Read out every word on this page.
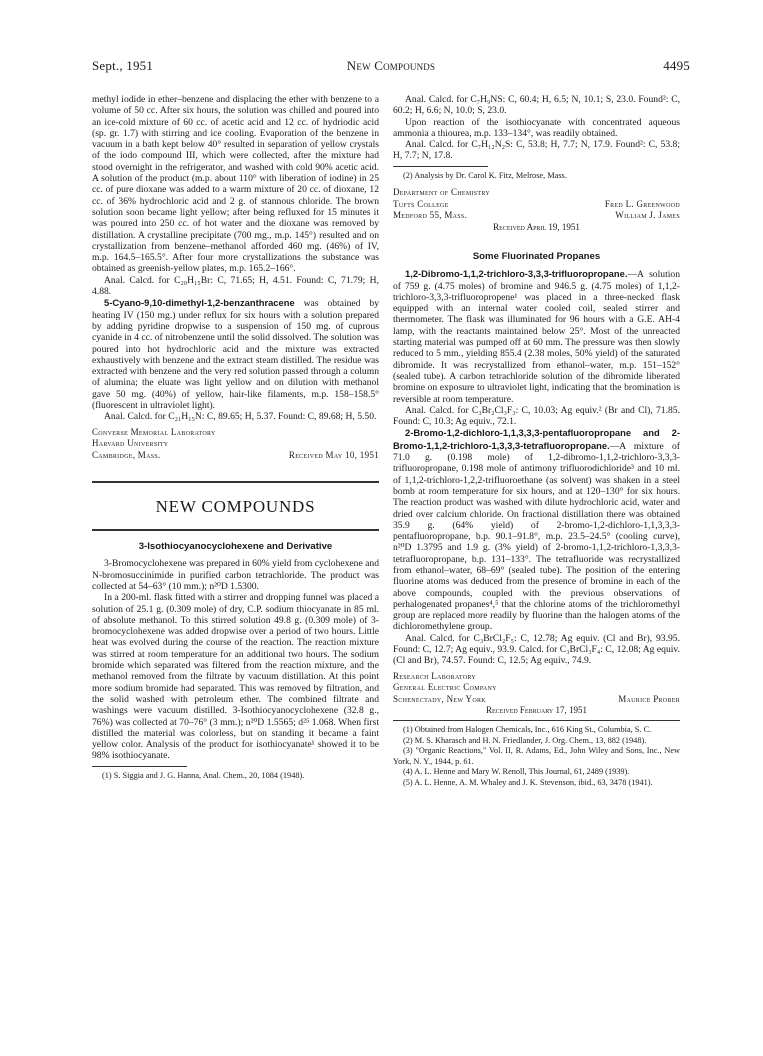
Sept., 1951	New Compounds	4495

methyl iodide in ether–benzene and displacing the ether with benzene to a volume of 50 cc. After six hours, the solution was chilled and poured into an ice-cold mixture of 60 cc. of acetic acid and 12 cc. of hydriodic acid (sp. gr. 1.7) with stirring and ice cooling. Evaporation of the benzene in vacuum in a bath kept below 40° resulted in separation of yellow crystals of the iodo compound III, which were collected, after the mixture had stood overnight in the refrigerator, and washed with cold 90% acetic acid. A solution of the product (m.p. about 110° with liberation of iodine) in 25 cc. of pure dioxane was added to a warm mixture of 20 cc. of dioxane, 12 cc. of 36% hydrochloric acid and 2 g. of stannous chloride. The brown solution soon became light yellow; after being refluxed for 15 minutes it was poured into 250 cc. of hot water and the dioxane was removed by distillation. A crystalline precipitate (700 mg., m.p. 145°) resulted and on crystallization from benzene–methanol afforded 460 mg. (46%) of IV, m.p. 164.5–165.5°. After four more crystallizations the substance was obtained as greenish-yellow plates, m.p. 165.2–166°.

Anal. Calcd. for C₂₀H₁₅Br: C, 71.65; H, 4.51. Found: C, 71.79; H, 4.88.

5-Cyano-9,10-dimethyl-1,2-benzanthracene was obtained by heating IV (150 mg.) under reflux for six hours with a solution prepared by adding pyridine dropwise to a suspension of 150 mg. of cuprous cyanide in 4 cc. of nitrobenzene until the solid dissolved. The solution was poured into hot hydrochloric acid and the mixture was extracted exhaustively with benzene and the extract steam distilled. The residue was extracted with benzene and the very red solution passed through a column of alumina; the eluate was light yellow and on dilution with methanol gave 50 mg. (40%) of yellow, hair-like filaments, m.p. 158–158.5° (fluorescent in ultraviolet light).

Anal. Calcd. for C₂₁H₁₅N: C, 89.65; H, 5.37. Found: C, 89.68; H, 5.50.

Converse Memorial Laboratory
Harvard University
Cambridge, Mass.	Received May 10, 1951
NEW COMPOUNDS
3-Isothiocyanocyclohexene and Derivative

3-Bromocyclohexene was prepared in 60% yield from cyclohexene and N-bromosuccinimide in purified carbon tetrachloride. The product was collected at 54–63° (10 mm.); n²⁰D 1.5300.

In a 200-ml. flask fitted with a stirrer and dropping funnel was placed a solution of 25.1 g. (0.309 mole) of dry, C.P. sodium thiocyanate in 85 ml. of absolute methanol. To this stirred solution 49.8 g. (0.309 mole) of 3-bromocyclohexene was added dropwise over a period of two hours. Little heat was evolved during the course of the reaction. The reaction mixture was stirred at room temperature for an additional two hours. The sodium bromide which separated was filtered from the reaction mixture, and the methanol removed from the filtrate by vacuum distillation. At this point more sodium bromide had separated. This was removed by filtration, and the solid washed with petroleum ether. The combined filtrate and washings were vacuum distilled. 3-Isothiocyanocyclohexene (32.8 g., 76%) was collected at 70–76° (3 mm.); n²⁰D 1.5565; d²⁵ 1.068. When first distilled the material was colorless, but on standing it became a faint yellow color. Analysis of the product for isothiocyanate¹ showed it to be 98% isothiocyanate.

(1) S. Siggia and J. G. Hanna, Anal. Chem., 20, 1084 (1948).

Anal. Calcd. for C₇H₉NS: C, 60.4; H, 6.5; N, 10.1; S, 23.0. Found²: C, 60.2; H, 6.6; N, 10.0; S, 23.0.

Upon reaction of the isothiocyanate with concentrated aqueous ammonia a thiourea, m.p. 133–134°, was readily obtained.

Anal. Calcd. for C₇H₁₂N₂S: C, 53.8; H, 7.7; N, 17.9. Found²: C, 53.8; H, 7.7; N, 17.8.

(2) Analysis by Dr. Carol K. Fitz, Melrose, Mass.

Department of Chemistry
Tufts College	Fred L. Greenwood
Medford 55, Mass.	William J. James
Received April 19, 1951
Some Fluorinated Propanes

1,2-Dibromo-1,1,2-trichloro-3,3,3-trifluoropropane.—A solution of 759 g. (4.75 moles) of bromine and 946.5 g. (4.75 moles) of 1,1,2-trichloro-3,3,3-trifluoropropene¹ was placed in a three-necked flask equipped with an internal water cooled coil, sealed stirrer and thermometer. The flask was illuminated for 96 hours with a G.E. AH-4 lamp, with the reactants maintained below 25°. Most of the unreacted starting material was pumped off at 60 mm. The pressure was then slowly reduced to 5 mm., yielding 855.4 (2.38 moles, 50% yield) of the saturated dibromide. It was recrystallized from ethanol–water, m.p. 151–152° (sealed tube). A carbon tetrachloride solution of the dibromide liberated bromine on exposure to ultraviolet light, indicating that the bromination is reversible at room temperature.

Anal. Calcd. for C₃Br₂Cl₃F₃: C, 10.03; Ag equiv.² (Br and Cl), 71.85. Found: C, 10.3; Ag equiv., 72.1.

2-Bromo-1,2-dichloro-1,1,3,3,3-pentafluoropropane and 2-Bromo-1,1,2-trichloro-1,3,3,3-tetrafluoropropane.—A mixture of 71.0 g. (0.198 mole) of 1,2-dibromo-1,1,2-trichloro-3,3,3-trifluoropropane, 0.198 mole of antimony trifluorodichloride³ and 10 ml. of 1,1,2-trichloro-1,2,2-trifluoroethane (as solvent) was shaken in a steel bomb at room temperature for six hours, and at 120–130° for six hours. The reaction product was washed with dilute hydrochloric acid, water and dried over calcium chloride. On fractional distillation there was obtained 35.9 g. (64% yield) of 2-bromo-1,2-dichloro-1,1,3,3,3-pentafluoropropane, b.p. 90.1–91.8°, m.p. 23.5–24.5° (cooling curve), n²⁰D 1.3795 and 1.9 g. (3% yield) of 2-bromo-1,1,2-trichloro-1,3,3,3-tetrafluoropropane, b.p. 131–133°. The tetrafluoride was recrystallized from ethanol–water, 68–69° (sealed tube). The position of the entering fluorine atoms was deduced from the presence of bromine in each of the above compounds, coupled with the previous observations of perhalogenated propanes⁴,⁵ that the chlorine atoms of the trichloromethyl group are replaced more readily by fluorine than the halogen atoms of the dichloromethylene group.

Anal. Calcd. for C₃BrCl₂F₅: C, 12.78; Ag equiv. (Cl and Br), 93.95. Found: C, 12.7; Ag equiv., 93.9. Calcd. for C₃BrCl₃F₄: C, 12.08; Ag equiv. (Cl and Br), 74.57. Found: C, 12.5; Ag equiv., 74.9.

Research Laboratory
General Electric Company
Schenectady, New York	Maurice Prober
Received February 17, 1951

(1) Obtained from Halogen Chemicals, Inc., 616 King St., Columbia, S. C.

(2) M. S. Kharasch and H. N. Friedlander, J. Org. Chem., 13, 882 (1948).

(3) "Organic Reactions," Vol. II, R. Adams, Ed., John Wiley and Sons, Inc., New York, N. Y., 1944, p. 61.

(4) A. L. Henne and Mary W. Renoll, This Journal, 61, 2489 (1939).

(5) A. L. Henne, A. M. Whaley and J. K. Stevenson, ibid., 63, 3478 (1941).
